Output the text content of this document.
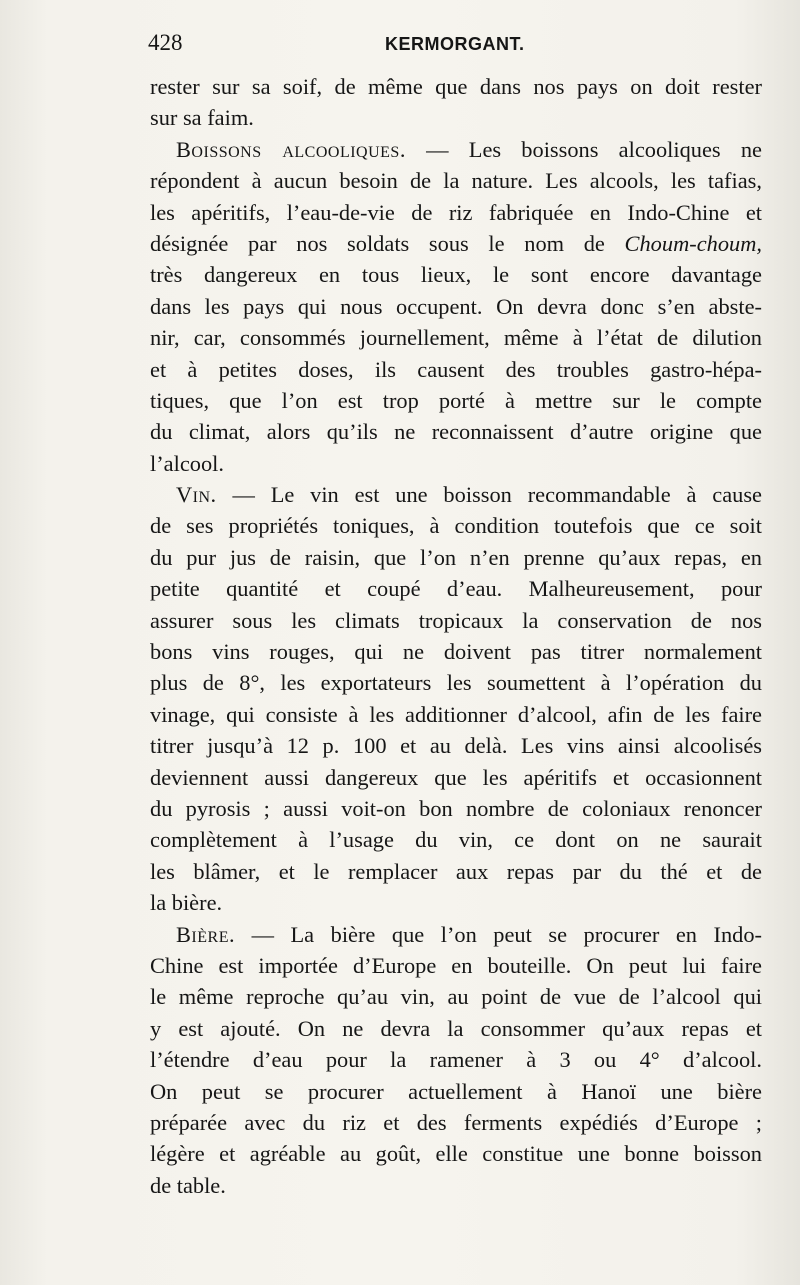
428	KERMORGANT.
rester sur sa soif, de même que dans nos pays on doit rester
sur sa faim.
Boissons alcooliques. — Les boissons alcooliques ne
répondent à aucun besoin de la nature. Les alcools, les tafias,
les apéritifs, l’eau-de-vie de riz fabriquée en Indo-Chine et
désignée par nos soldats sous le nom de Choum-choum,
très dangereux en tous lieux, le sont encore davantage
dans les pays qui nous occupent. On devra donc s’en abste-
nir, car, consommés journellement, même à l’état de dilution
et à petites doses, ils causent des troubles gastro-hépa-
tiques, que l’on est trop porté à mettre sur le compte
du climat, alors qu’ils ne reconnaissent d’autre origine que
l’alcool.
Vin. — Le vin est une boisson recommandable à cause
de ses propriétés toniques, à condition toutefois que ce soit
du pur jus de raisin, que l’on n’en prenne qu’aux repas, en
petite quantité et coupé d’eau. Malheureusement, pour
assurer sous les climats tropicaux la conservation de nos
bons vins rouges, qui ne doivent pas titrer normalement
plus de 8°, les exportateurs les soumettent à l’opération du
vinage, qui consiste à les additionner d’alcool, afin de les faire
titrer jusqu’à 12 p. 100 et au delà. Les vins ainsi alcoolisés
deviennent aussi dangereux que les apéritifs et occasionnent
du pyrosis ; aussi voit-on bon nombre de coloniaux renoncer
complètement à l’usage du vin, ce dont on ne saurait
les blâmer, et le remplacer aux repas par du thé et de
la bière.
Bière. — La bière que l’on peut se procurer en Indo-
Chine est importée d’Europe en bouteille. On peut lui faire
le même reproche qu’au vin, au point de vue de l’alcool qui
y est ajouté. On ne devra la consommer qu’aux repas et
l’étendre d’eau pour la ramener à 3 ou 4° d’alcool.
On peut se procurer actuellement à Hanoï une bière
préparée avec du riz et des ferments expédiés d’Europe ;
légère et agréable au goût, elle constitue une bonne boisson
de table.
